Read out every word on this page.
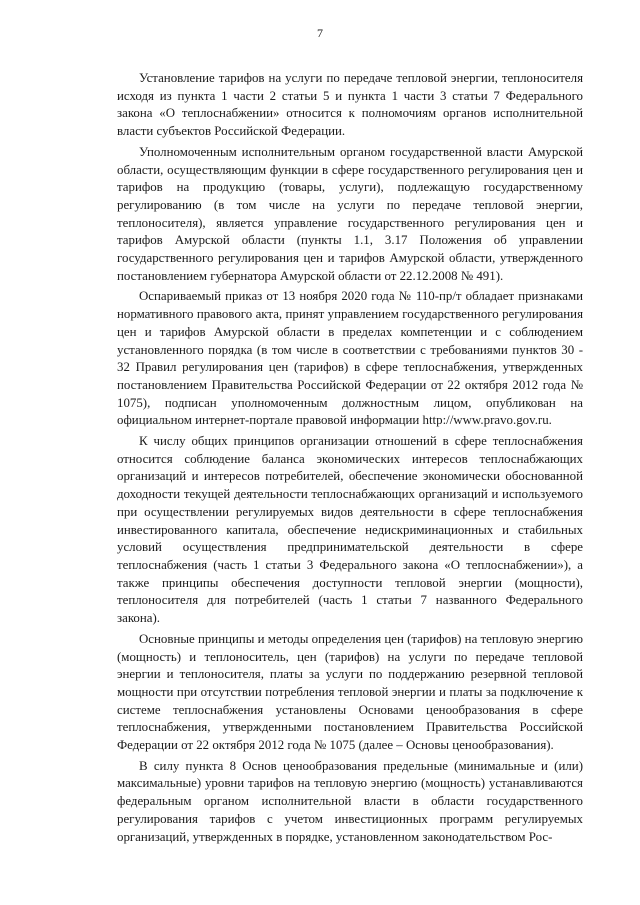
7

Установление тарифов на услуги по передаче тепловой энергии, теплоносителя исходя из пункта 1 части 2 статьи 5 и пункта 1 части 3 статьи 7 Федерального закона «О теплоснабжении» относится к полномочиям органов исполнительной власти субъектов Российской Федерации.

Уполномоченным исполнительным органом государственной власти Амурской области, осуществляющим функции в сфере государственного регулирования цен и тарифов на продукцию (товары, услуги), подлежащую государственному регулированию (в том числе на услуги по передаче тепловой энергии, теплоносителя), является управление государственного регулирования цен и тарифов Амурской области (пункты 1.1, 3.17 Положения об управлении государственного регулирования цен и тарифов Амурской области, утвержденного постановлением губернатора Амурской области от 22.12.2008 № 491).

Оспариваемый приказ от 13 ноября 2020 года № 110-пр/т обладает признаками нормативного правового акта, принят управлением государственного регулирования цен и тарифов Амурской области в пределах компетенции и с соблюдением установленного порядка (в том числе в соответствии с требованиями пунктов 30 - 32 Правил регулирования цен (тарифов) в сфере теплоснабжения, утвержденных постановлением Правительства Российской Федерации от 22 октября 2012 года № 1075), подписан уполномоченным должностным лицом, опубликован на официальном интернет-портале правовой информации http://www.pravo.gov.ru.

К числу общих принципов организации отношений в сфере теплоснабжения относится соблюдение баланса экономических интересов теплоснабжающих организаций и интересов потребителей, обеспечение экономически обоснованной доходности текущей деятельности теплоснабжающих организаций и используемого при осуществлении регулируемых видов деятельности в сфере теплоснабжения инвестированного капитала, обеспечение недискриминационных и стабильных условий осуществления предпринимательской деятельности в сфере теплоснабжения (часть 1 статьи 3 Федерального закона «О теплоснабжении»), а также принципы обеспечения доступности тепловой энергии (мощности), теплоносителя для потребителей (часть 1 статьи 7 названного Федерального закона).

Основные принципы и методы определения цен (тарифов) на тепловую энергию (мощность) и теплоноситель, цен (тарифов) на услуги по передаче тепловой энергии и теплоносителя, платы за услуги по поддержанию резервной тепловой мощности при отсутствии потребления тепловой энергии и платы за подключение к системе теплоснабжения установлены Основами ценообразования в сфере теплоснабжения, утвержденными постановлением Правительства Российской Федерации от 22 октября 2012 года № 1075 (далее – Основы ценообразования).

В силу пункта 8 Основ ценообразования предельные (минимальные и (или) максимальные) уровни тарифов на тепловую энергию (мощность) устанавливаются федеральным органом исполнительной власти в области государственного регулирования тарифов с учетом инвестиционных программ регулируемых организаций, утвержденных в порядке, установленном законодательством Рос-
